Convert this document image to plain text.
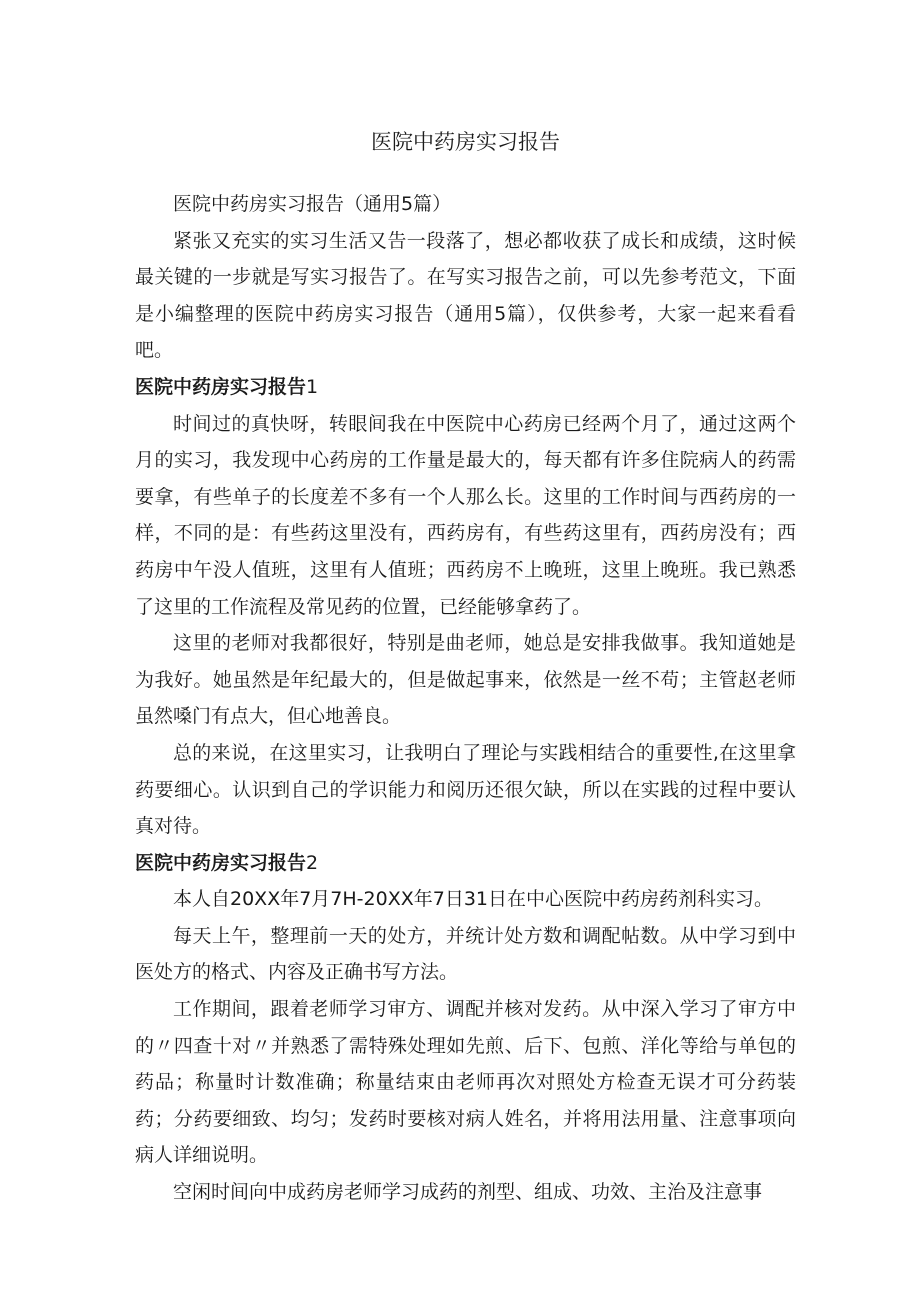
医院中药房实习报告

医院中药房实习报告（通用5篇）

紧张又充实的实习生活又告一段落了，想必都收获了成长和成绩，这时候最关键的一步就是写实习报告了。在写实习报告之前，可以先参考范文，下面是小编整理的医院中药房实习报告（通用5篇），仅供参考，大家一起来看看吧。

医院中药房实习报告1

时间过的真快呀，转眼间我在中医院中心药房已经两个月了，通过这两个月的实习，我发现中心药房的工作量是最大的，每天都有许多住院病人的药需要拿，有些单子的长度差不多有一个人那么长。这里的工作时间与西药房的一样，不同的是：有些药这里没有，西药房有，有些药这里有，西药房没有；西药房中午没人值班，这里有人值班；西药房不上晚班，这里上晚班。我已熟悉了这里的工作流程及常见药的位置，已经能够拿药了。

这里的老师对我都很好，特别是曲老师，她总是安排我做事。我知道她是为我好。她虽然是年纪最大的，但是做起事来，依然是一丝不苟；主管赵老师虽然嗓门有点大，但心地善良。

总的来说，在这里实习，让我明白了理论与实践相结合的重要性,在这里拿药要细心。认识到自己的学识能力和阅历还很欠缺，所以在实践的过程中要认真对待。

医院中药房实习报告2

本人自20XX年7月7H-20XX年7日31日在中心医院中药房药剂科实习。

每天上午，整理前一天的处方，并统计处方数和调配帖数。从中学习到中医处方的格式、内容及正确书写方法。

工作期间，跟着老师学习审方、调配并核对发药。从中深入学习了审方中的〃四查十对〃并熟悉了需特殊处理如先煎、后下、包煎、洋化等给与单包的药品；称量时计数准确；称量结束由老师再次对照处方检查无误才可分药装药；分药要细致、均匀；发药时要核对病人姓名，并将用法用量、注意事项向病人详细说明。

空闲时间向中成药房老师学习成药的剂型、组成、功效、主治及注意事
